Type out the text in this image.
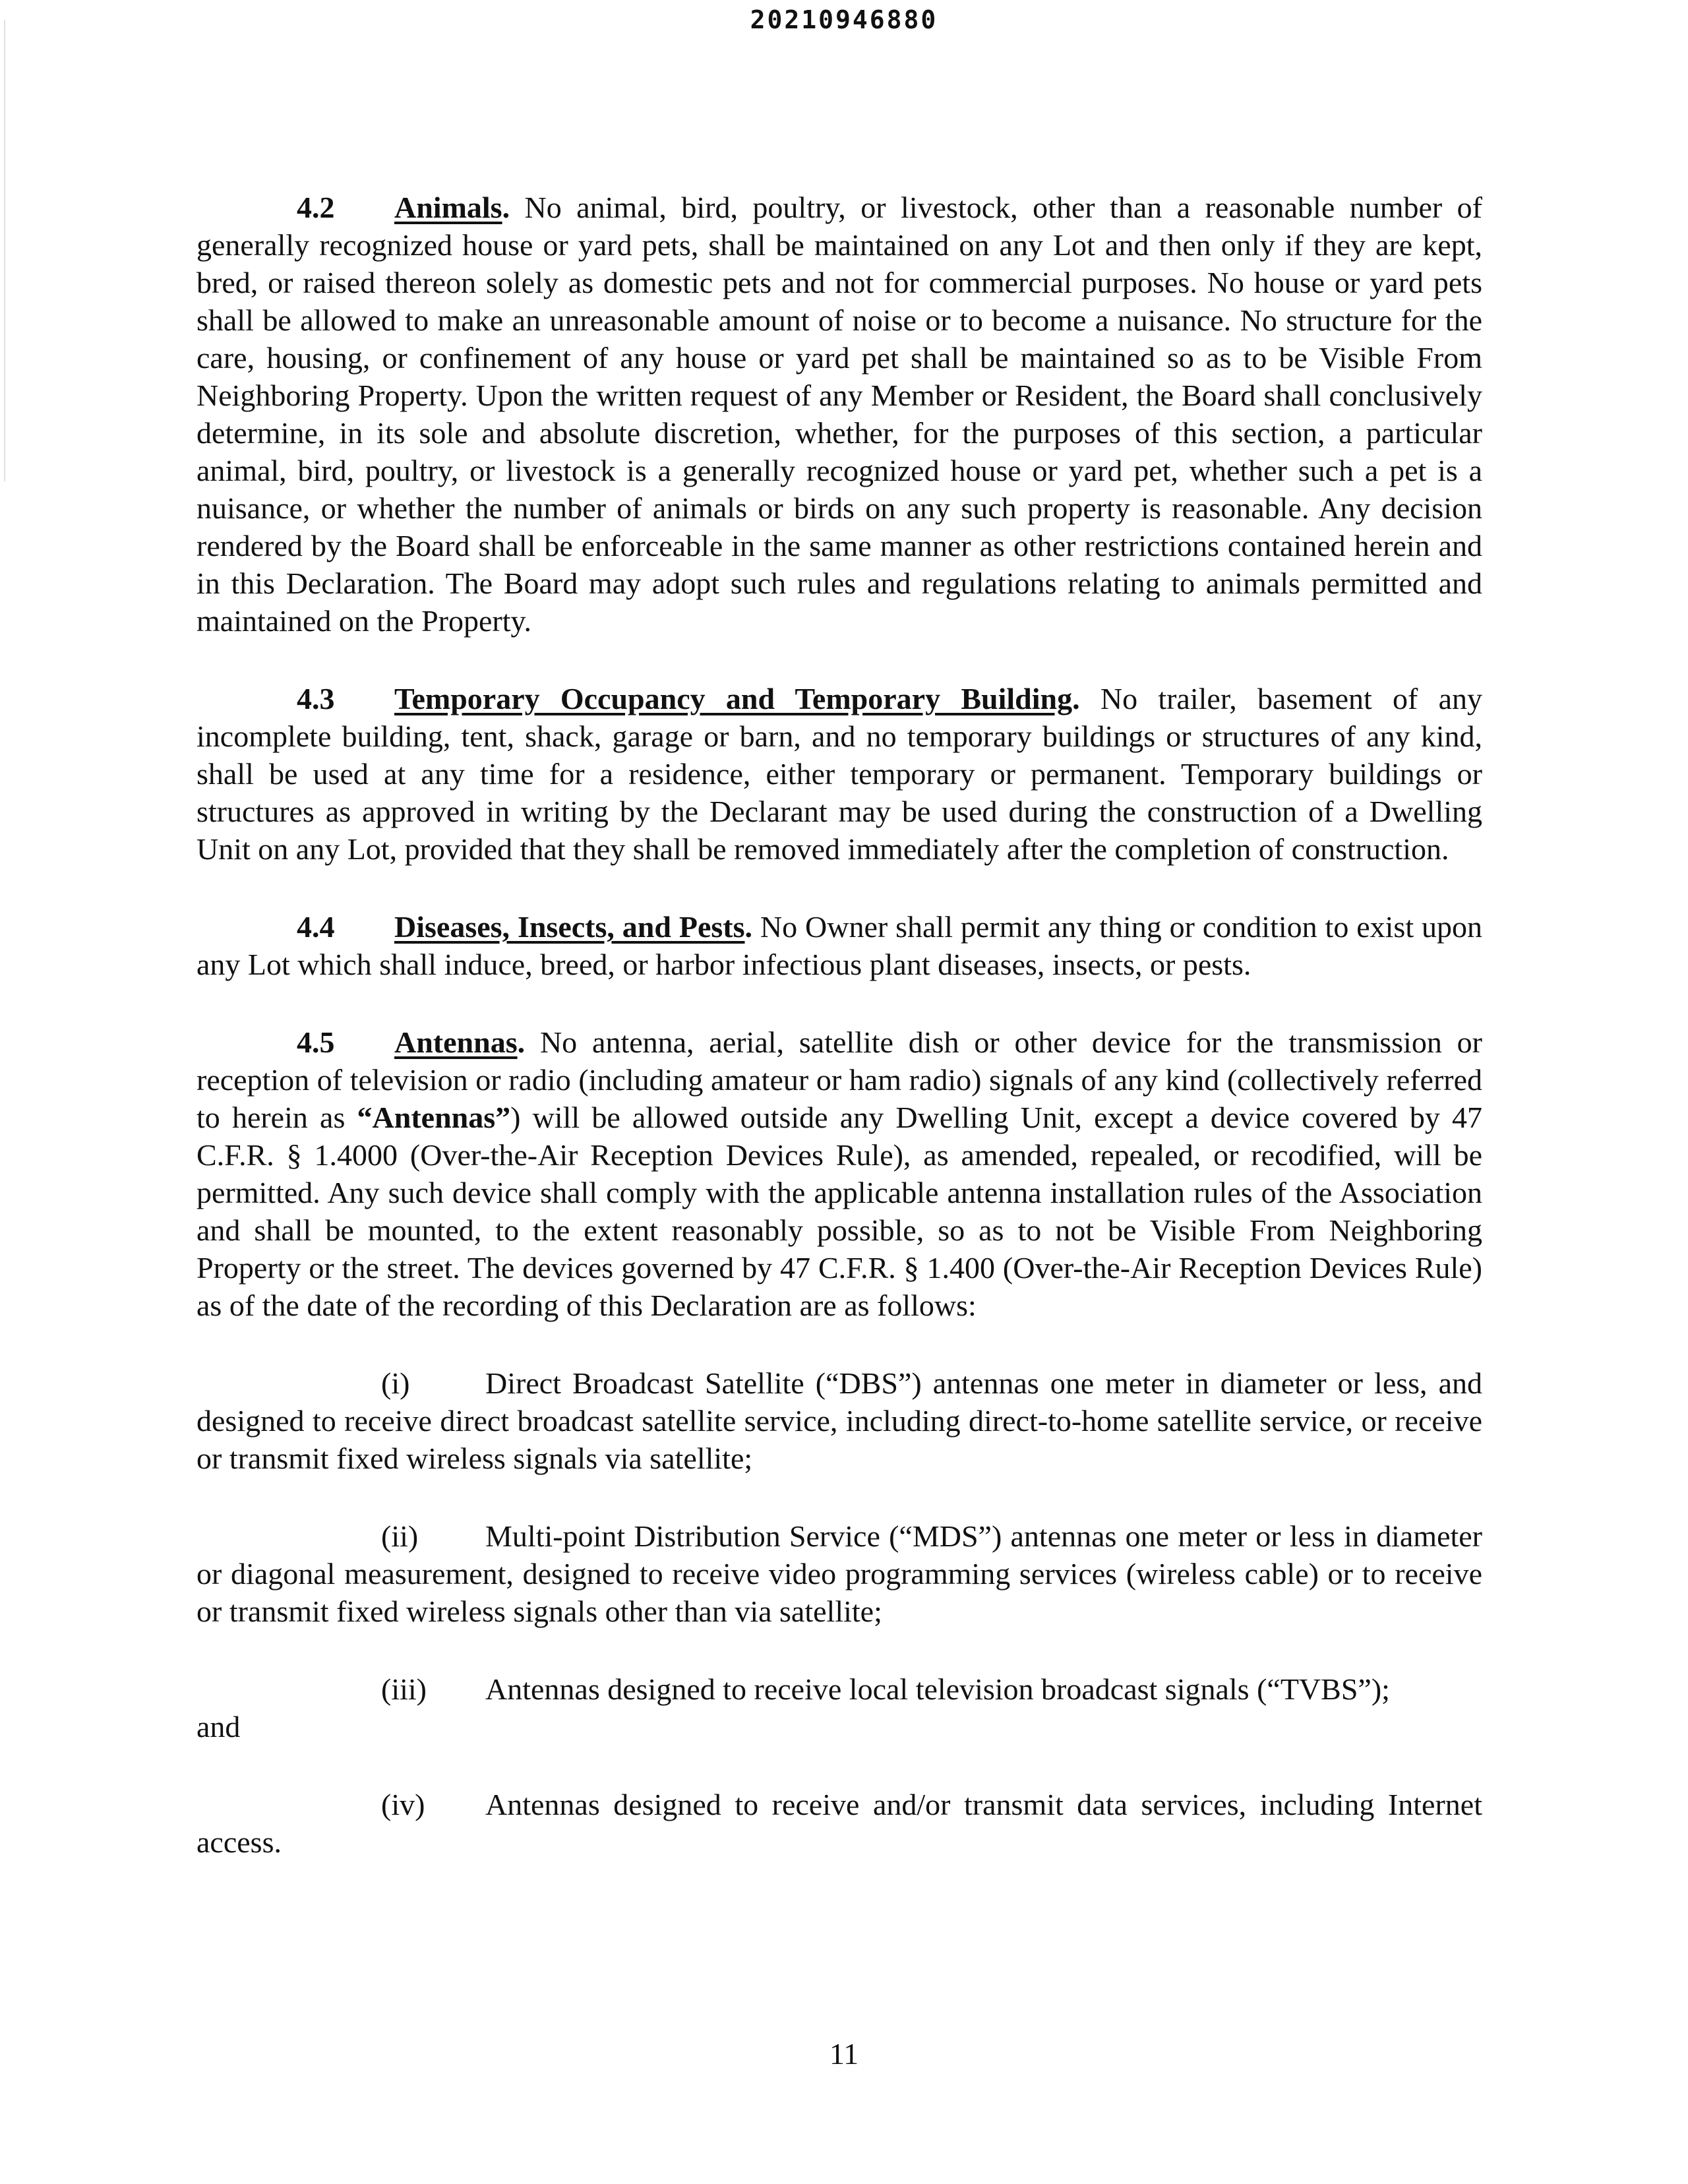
20210946880

4.2 Animals. No animal, bird, poultry, or livestock, other than a reasonable number of generally recognized house or yard pets, shall be maintained on any Lot and then only if they are kept, bred, or raised thereon solely as domestic pets and not for commercial purposes. No house or yard pets shall be allowed to make an unreasonable amount of noise or to become a nuisance. No structure for the care, housing, or confinement of any house or yard pet shall be maintained so as to be Visible From Neighboring Property. Upon the written request of any Member or Resident, the Board shall conclusively determine, in its sole and absolute discretion, whether, for the purposes of this section, a particular animal, bird, poultry, or livestock is a generally recognized house or yard pet, whether such a pet is a nuisance, or whether the number of animals or birds on any such property is reasonable. Any decision rendered by the Board shall be enforceable in the same manner as other restrictions contained herein and in this Declaration. The Board may adopt such rules and regulations relating to animals permitted and maintained on the Property.

4.3 Temporary Occupancy and Temporary Building. No trailer, basement of any incomplete building, tent, shack, garage or barn, and no temporary buildings or structures of any kind, shall be used at any time for a residence, either temporary or permanent. Temporary buildings or structures as approved in writing by the Declarant may be used during the construction of a Dwelling Unit on any Lot, provided that they shall be removed immediately after the completion of construction.

4.4 Diseases, Insects, and Pests. No Owner shall permit any thing or condition to exist upon any Lot which shall induce, breed, or harbor infectious plant diseases, insects, or pests.

4.5 Antennas. No antenna, aerial, satellite dish or other device for the transmission or reception of television or radio (including amateur or ham radio) signals of any kind (collectively referred to herein as “Antennas”) will be allowed outside any Dwelling Unit, except a device covered by 47 C.F.R. § 1.4000 (Over-the-Air Reception Devices Rule), as amended, repealed, or recodified, will be permitted. Any such device shall comply with the applicable antenna installation rules of the Association and shall be mounted, to the extent reasonably possible, so as to not be Visible From Neighboring Property or the street. The devices governed by 47 C.F.R. § 1.400 (Over-the-Air Reception Devices Rule) as of the date of the recording of this Declaration are as follows:

(i) Direct Broadcast Satellite (“DBS”) antennas one meter in diameter or less, and designed to receive direct broadcast satellite service, including direct-to-home satellite service, or receive or transmit fixed wireless signals via satellite;

(ii) Multi-point Distribution Service (“MDS”) antennas one meter or less in diameter or diagonal measurement, designed to receive video programming services (wireless cable) or to receive or transmit fixed wireless signals other than via satellite;

(iii) Antennas designed to receive local television broadcast signals (“TVBS”);

and

(iv) Antennas designed to receive and/or transmit data services, including Internet access.

11
